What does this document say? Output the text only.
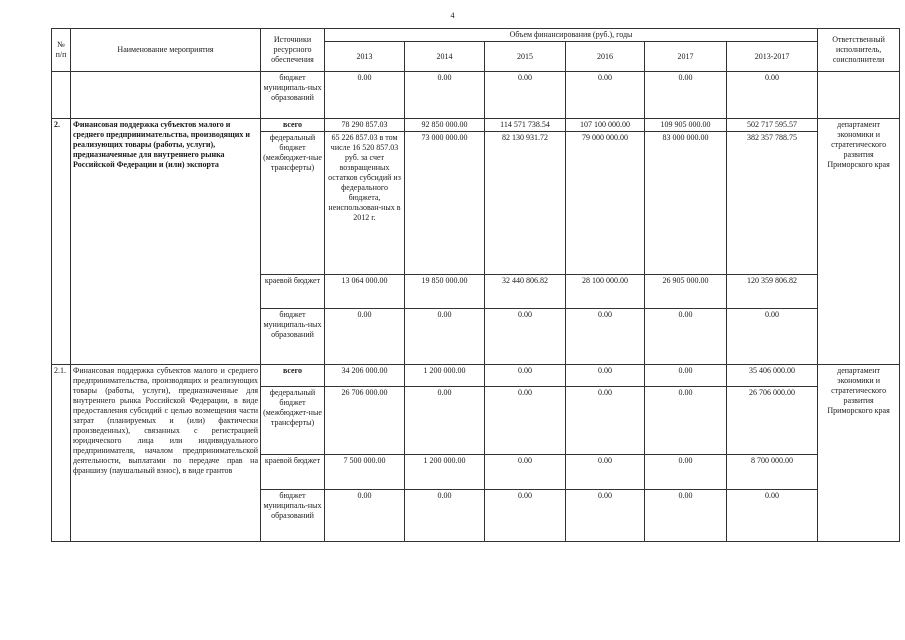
4
№ п/п	Наименование мероприятия	Источники ресурсного обеспечения	Объем финансирования (руб.), годы						Ответственный исполнитель, соисполнители
			2013	2014	2015	2016	2017	2013-2017	
		бюджет муниципаль-ных образований	0.00	0.00	0.00	0.00	0.00	0.00	
2.	Финансовая поддержка субъектов малого и среднего предпринимательства, производящих и реализующих товары (работы, услуги), предназначенные для внутреннего рынка Российской Федерации и (или) экспорта	всего	78 290 857.03	92 850 000.00	114 571 738.54	107 100 000.00	109 905 000.00	502 717 595.57	департамент экономики и стратегического развития Приморского края
		федеральный бюджет (межбюджет-ные трансферты)	65 226 857.03 в том числе 16 520 857.03 руб. за счет возвращенных остатков субсидий из федерального бюджета, неиспользован-ных в 2012 г.	73 000 000.00	82 130 931.72	79 000 000.00	83 000 000.00	382 357 788.75	
		краевой бюджет	13 064 000.00	19 850 000.00	32 440 806.82	28 100 000.00	26 905 000.00	120 359 806.82	
		бюджет муниципаль-ных образований	0.00	0.00	0.00	0.00	0.00	0.00	
2.1.	Финансовая поддержка субъектов малого и среднего предпринимательства, производящих и реализующих товары (работы, услуги), предназначенные для внутреннего рынка Российской Федерации, в виде предоставления субсидий с целью возмещения части затрат (планируемых и (или) фактически произведенных), связанных с регистрацией юридического лица или индивидуального предпринимателя, началом предпринимательской деятельности, выплатами по передаче прав на франшизу (паушальный взнос), в виде грантов	всего	34 206 000.00	1 200 000.00	0.00	0.00	0.00	35 406 000.00	департамент экономики и стратегического развития Приморского края
		федеральный бюджет (межбюджет-ные трансферты)	26 706 000.00	0.00	0.00	0.00	0.00	26 706 000.00	
		краевой бюджет	7 500 000.00	1 200 000.00	0.00	0.00	0.00	8 700 000.00	
		бюджет муниципаль-ных образований	0.00	0.00	0.00	0.00	0.00	0.00	
